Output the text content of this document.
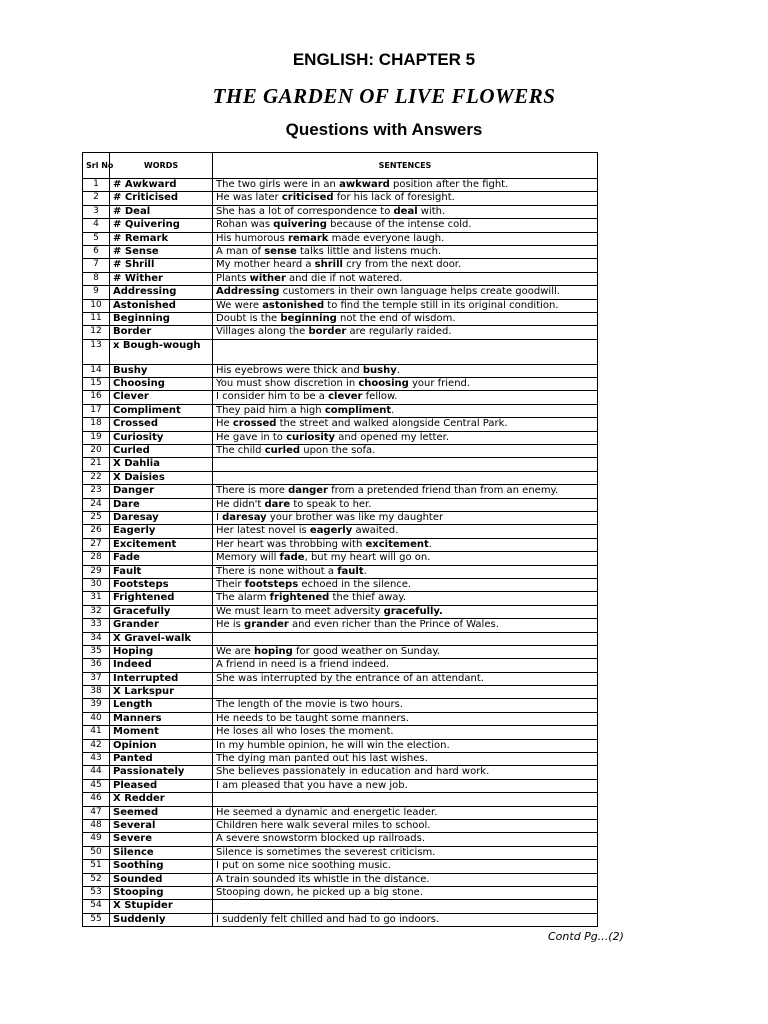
ENGLISH: CHAPTER 5
THE GARDEN OF LIVE FLOWERS
Questions with Answers
Srl No	WORDS	SENTENCES
1	# Awkward	The two girls were in an awkward position after the fight.
2	# Criticised	He was later criticised for his lack of foresight.
3	# Deal	She has a lot of correspondence to deal with.
4	# Quivering	Rohan was quivering because of the intense cold.
5	# Remark	His humorous remark made everyone laugh.
6	# Sense	A man of sense talks little and listens much.
7	# Shrill	My mother heard a shrill cry from the next door.
8	# Wither	Plants wither and die if not watered.
9	Addressing	Addressing customers in their own language helps create goodwill.
10	Astonished	We were astonished to find the temple still in its original condition.
11	Beginning	Doubt is the beginning not the end of wisdom.
12	Border	Villages along the border are regularly raided.
13	x Bough-wough	
14	Bushy	His eyebrows were thick and bushy.
15	Choosing	You must show discretion in choosing your friend.
16	Clever	I consider him to be a clever fellow.
17	Compliment	They paid him a high compliment.
18	Crossed	He crossed the street and walked alongside Central Park.
19	Curiosity	He gave in to curiosity and opened my letter.
20	Curled	The child curled upon the sofa.
21	X Dahlia	
22	X Daisies	
23	Danger	There is more danger from a pretended friend than from an enemy.
24	Dare	He didn't dare to speak to her.
25	Daresay	I daresay your brother was like my daughter
26	Eagerly	Her latest novel is eagerly awaited.
27	Excitement	Her heart was throbbing with excitement.
28	Fade	Memory will fade, but my heart will go on.
29	Fault	There is none without a fault.
30	Footsteps	Their footsteps echoed in the silence.
31	Frightened	The alarm frightened the thief away.
32	Gracefully	We must learn to meet adversity gracefully.
33	Grander	He is grander and even richer than the Prince of Wales.
34	X Gravel-walk	
35	Hoping	We are hoping for good weather on Sunday.
36	Indeed	A friend in need is a friend indeed.
37	Interrupted	She was interrupted by the entrance of an attendant.
38	X Larkspur	
39	Length	The length of the movie is two hours.
40	Manners	He needs to be taught some manners.
41	Moment	He loses all who loses the moment.
42	Opinion	In my humble opinion, he will win the election.
43	Panted	The dying man panted out his last wishes.
44	Passionately	She believes passionately in education and hard work.
45	Pleased	I am pleased that you have a new job.
46	X Redder	
47	Seemed	He seemed a dynamic and energetic leader.
48	Several	Children here walk several miles to school.
49	Severe	A severe snowstorm blocked up railroads.
50	Silence	Silence is sometimes the severest criticism.
51	Soothing	I put on some nice soothing music.
52	Sounded	A train sounded its whistle in the distance.
53	Stooping	Stooping down, he picked up a big stone.
54	X Stupider	
55	Suddenly	I suddenly felt chilled and had to go indoors.
Contd Pg...(2)
